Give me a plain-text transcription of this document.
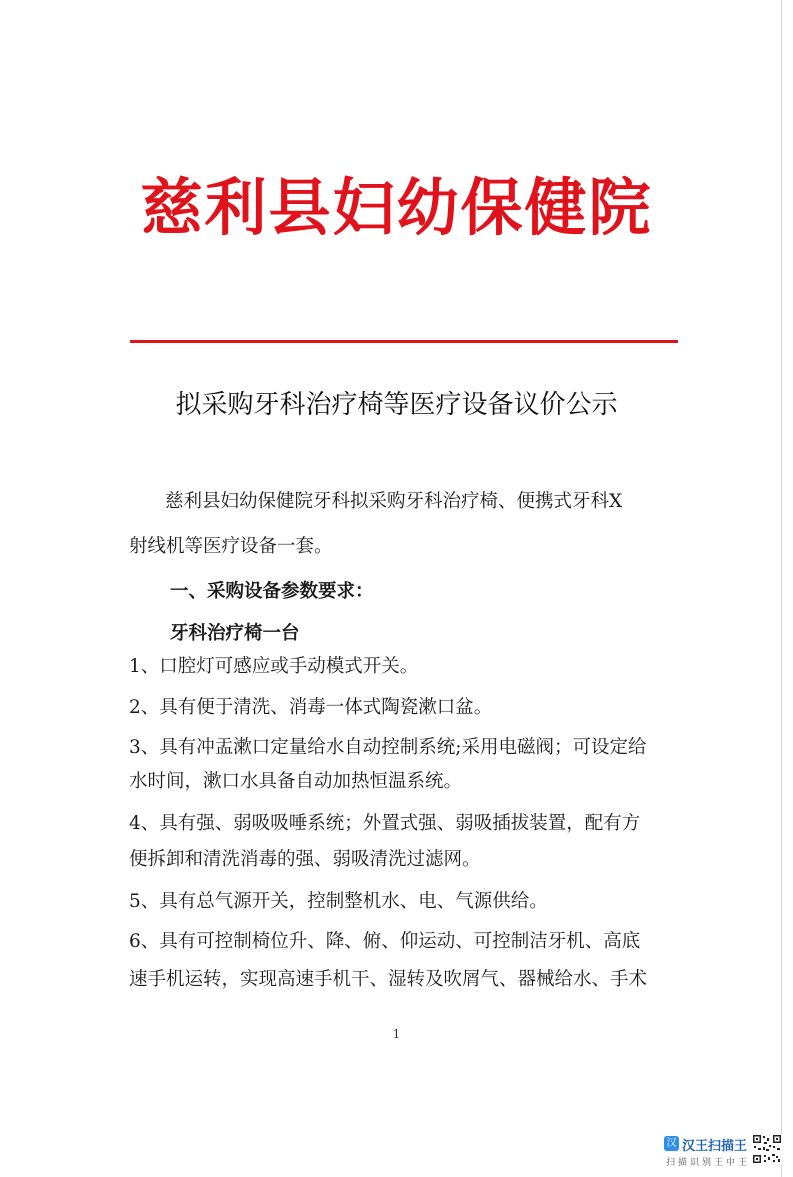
慈利县妇幼保健院
拟采购牙科治疗椅等医疗设备议价公示
慈利县妇幼保健院牙科拟采购牙科治疗椅、便携式牙科X
射线机等医疗设备一套。
一、采购设备参数要求：
牙科治疗椅一台
1、口腔灯可感应或手动模式开关。
2、具有便于清洗、消毒一体式陶瓷漱口盆。
3、具有冲盂漱口定量给水自动控制系统;采用电磁阀；可设定给
水时间，漱口水具备自动加热恒温系统。
4、具有强、弱吸吸唾系统；外置式强、弱吸插拔装置，配有方
便拆卸和清洗消毒的强、弱吸清洗过滤网。
5、具有总气源开关，控制整机水、电、气源供给。
6、具有可控制椅位升、降、俯、仰运动、可控制洁牙机、高底
速手机运转，实现高速手机干、湿转及吹屑气、器械给水、手术
1
汉 汉王扫描王
扫描识别王中王
